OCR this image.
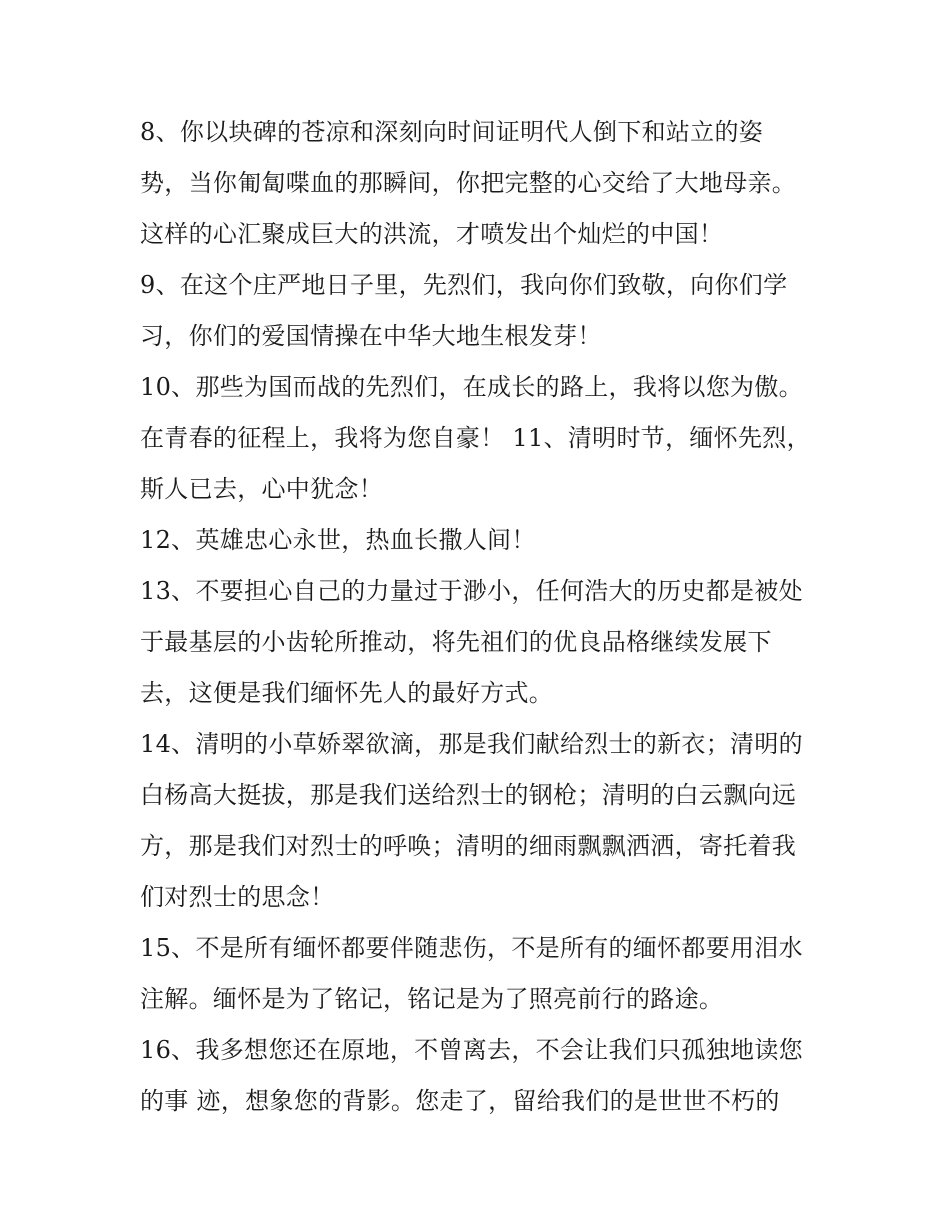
8、你以块碑的苍凉和深刻向时间证明代人倒下和站立的姿
势，当你匍匐喋血的那瞬间，你把完整的心交给了大地母亲。
这样的心汇聚成巨大的洪流，才喷发出个灿烂的中国！
9、在这个庄严地日子里，先烈们，我向你们致敬，向你们学
习，你们的爱国情操在中华大地生根发芽！
10、那些为国而战的先烈们，在成长的路上，我将以您为傲。
在青春的征程上，我将为您自豪！ 11、清明时节，缅怀先烈，
斯人已去，心中犹念！
12、英雄忠心永世，热血长撒人间！
13、不要担心自己的力量过于渺小，任何浩大的历史都是被处
于最基层的小齿轮所推动，将先祖们的优良品格继续发展下
去，这便是我们缅怀先人的最好方式。
14、清明的小草娇翠欲滴，那是我们献给烈士的新衣；清明的
白杨高大挺拔，那是我们送给烈士的钢枪；清明的白云飘向远
方，那是我们对烈士的呼唤；清明的细雨飘飘洒洒，寄托着我
们对烈士的思念！
15、不是所有缅怀都要伴随悲伤，不是所有的缅怀都要用泪水
注解。缅怀是为了铭记，铭记是为了照亮前行的路途。
16、我多想您还在原地，不曾离去，不会让我们只孤独地读您
的事 迹，想象您的背影。您走了，留给我们的是世世不朽的
